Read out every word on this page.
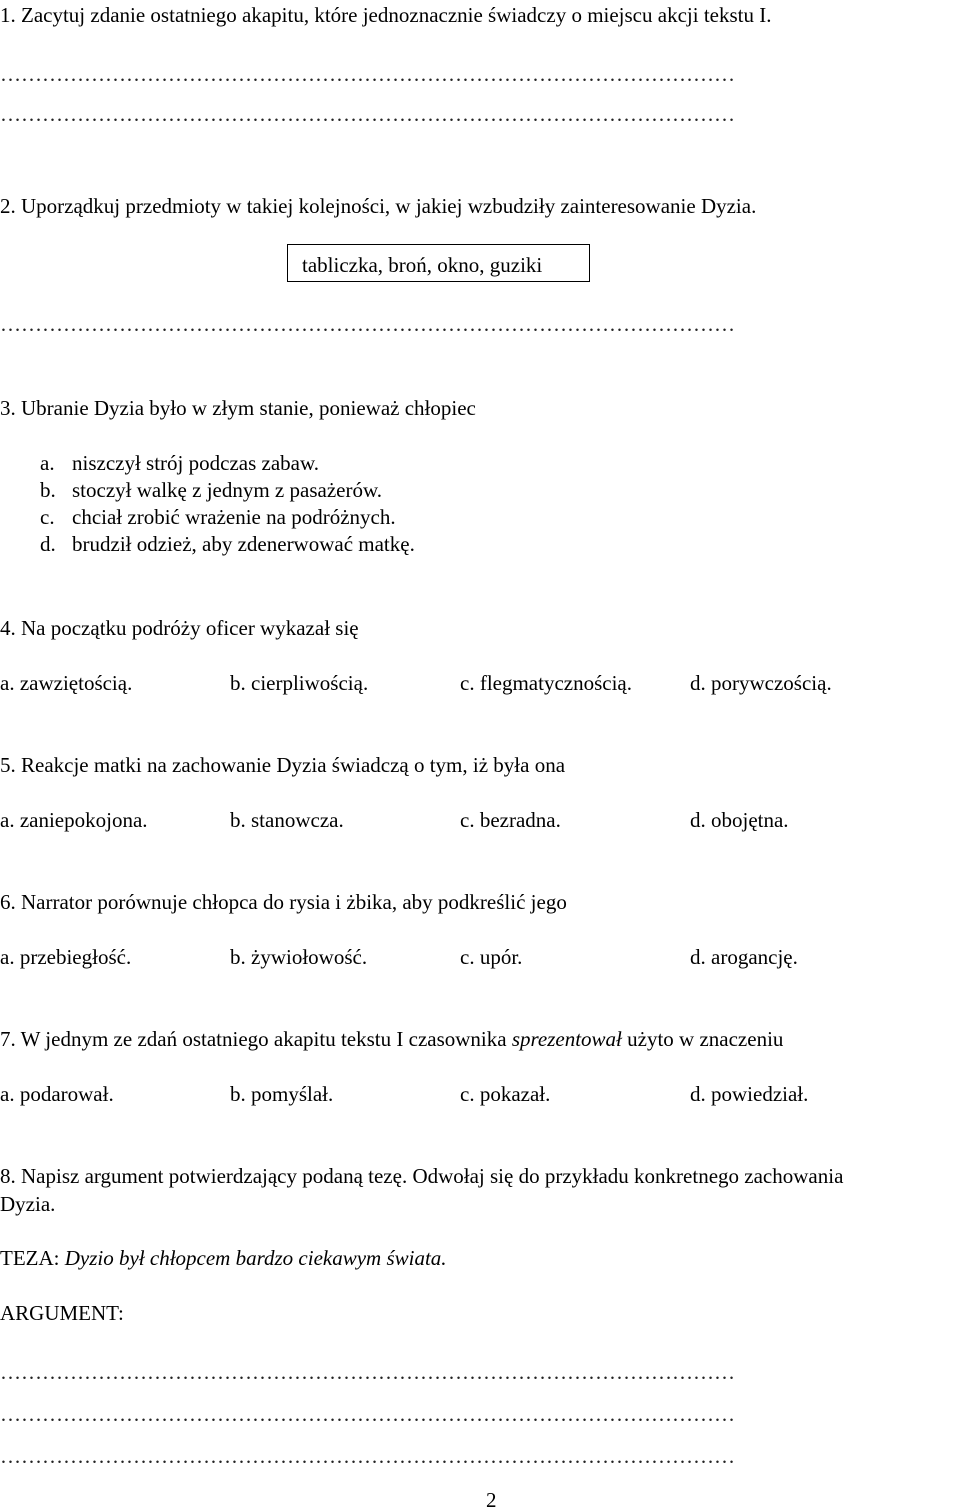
1. Zacytuj zdanie ostatniego akapitu, które jednoznacznie świadczy o miejscu akcji tekstu I.
……………………………………………………………………………………………
……………………………………………………………………………………………
2. Uporządkuj przedmioty w takiej kolejności, w jakiej wzbudziły zainteresowanie Dyzia.
tabliczka, broń, okno, guziki
……………………………………………………………………………………………
3. Ubranie Dyzia było w złym stanie, ponieważ chłopiec
a. niszczył strój podczas zabaw.
b. stoczył walkę z jednym z pasażerów.
c. chciał zrobić wrażenie na podróżnych.
d. brudził odzież, aby zdenerwować matkę.
4. Na początku podróży oficer wykazał się
a. zawziętością.	b. cierpliwością.	c. flegmatycznością.	d. porywczością.
5. Reakcje matki na zachowanie Dyzia świadczą o tym, iż była ona
a. zaniepokojona.	b. stanowcza.	c. bezradna.	d. obojętna.
6. Narrator porównuje chłopca do rysia i żbika, aby podkreślić jego
a. przebiegłość.	b. żywiołowość.	c. upór.	d. arogancję.
7. W jednym ze zdań ostatniego akapitu tekstu I czasownika sprezentował użyto w znaczeniu
a. podarował.	b. pomyślał.	c. pokazał.	d. powiedział.
8. Napisz argument potwierdzający podaną tezę. Odwołaj się do przykładu konkretnego zachowania
Dyzia.
TEZA: Dyzio był chłopcem bardzo ciekawym świata.
ARGUMENT:
……………………………………………………………………………………………
……………………………………………………………………………………………
……………………………………………………………………………………………
2
